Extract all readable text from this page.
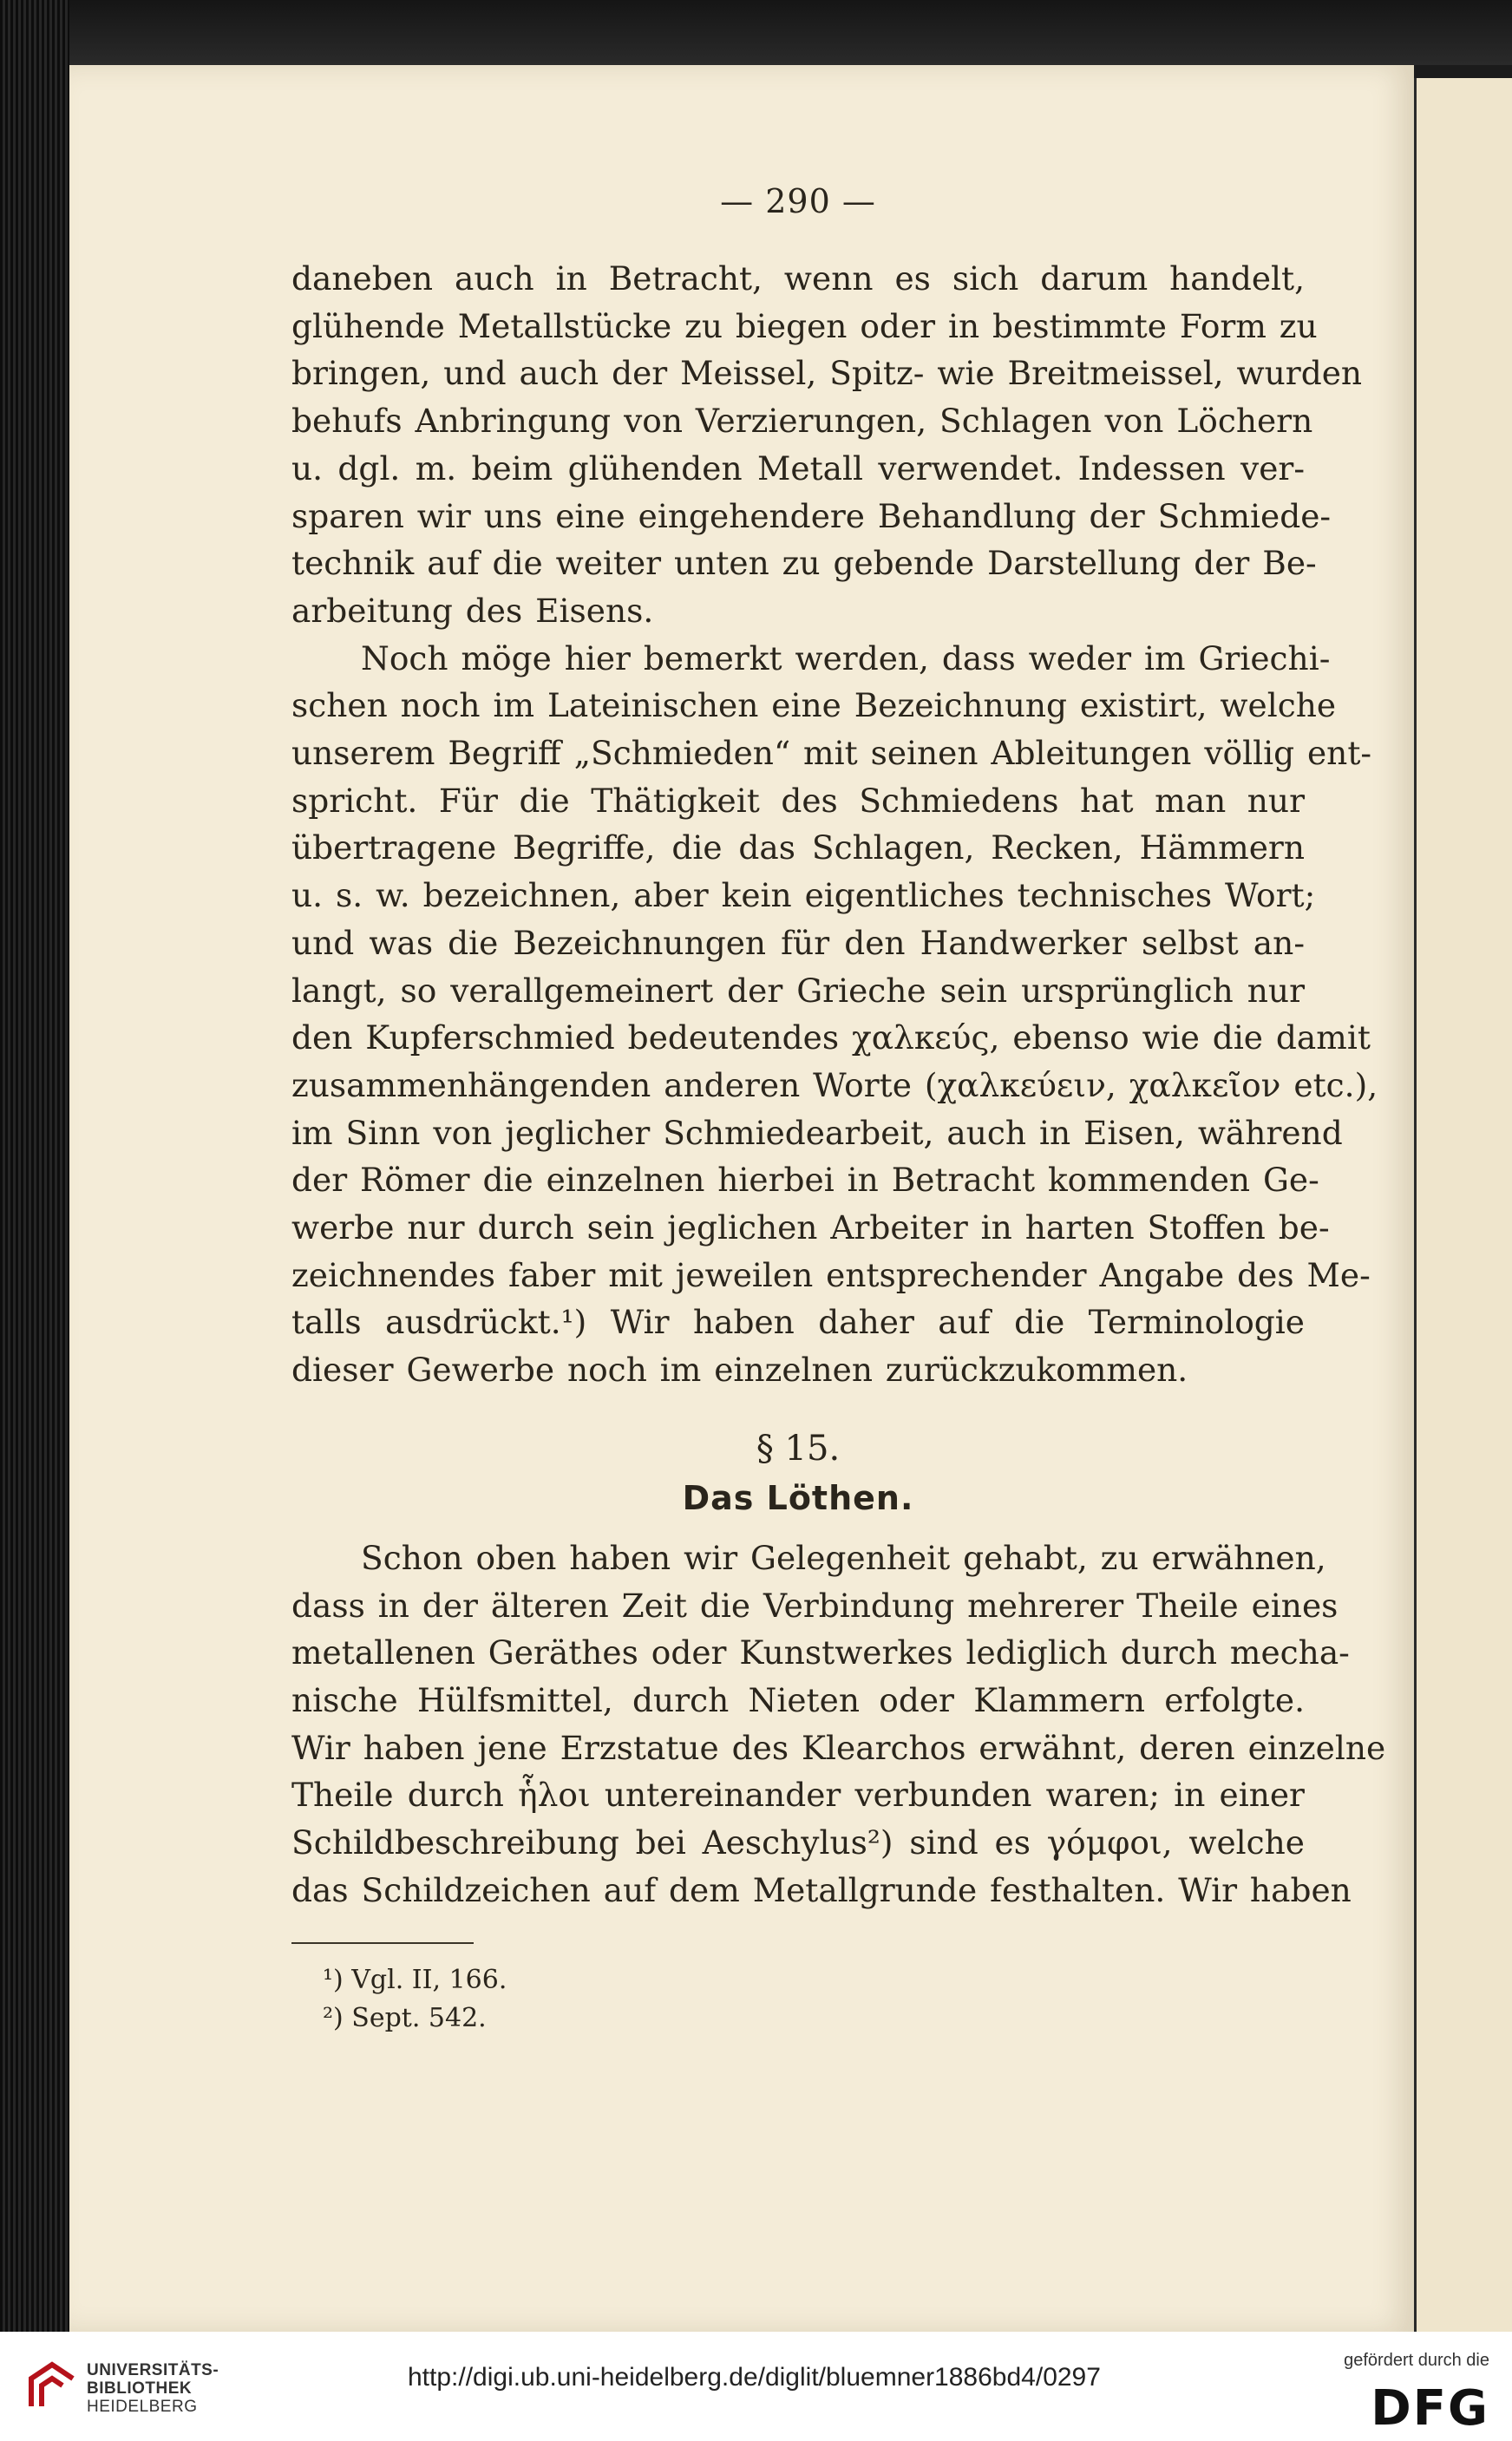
— 290 —

daneben auch in Betracht, wenn es sich darum handelt,
glühende Metallstücke zu biegen oder in bestimmte Form zu
bringen, und auch der Meissel, Spitz- wie Breitmeissel, wurden
behufs Anbringung von Verzierungen, Schlagen von Löchern
u. dgl. m. beim glühenden Metall verwendet. Indessen ver-
sparen wir uns eine eingehendere Behandlung der Schmiede-
technik auf die weiter unten zu gebende Darstellung der Be-
arbeitung des Eisens.

Noch möge hier bemerkt werden, dass weder im Griechi-
schen noch im Lateinischen eine Bezeichnung existirt, welche
unserem Begriff „Schmieden“ mit seinen Ableitungen völlig ent-
spricht. Für die Thätigkeit des Schmiedens hat man nur
übertragene Begriffe, die das Schlagen, Recken, Hämmern
u. s. w. bezeichnen, aber kein eigentliches technisches Wort;
und was die Bezeichnungen für den Handwerker selbst an-
langt, so verallgemeinert der Grieche sein ursprünglich nur
den Kupferschmied bedeutendes χαλκεύς, ebenso wie die damit
zusammenhängenden anderen Worte (χαλκεύειν, χαλκεῖον etc.),
im Sinn von jeglicher Schmiedearbeit, auch in Eisen, während
der Römer die einzelnen hierbei in Betracht kommenden Ge-
werbe nur durch sein jeglichen Arbeiter in harten Stoffen be-
zeichnendes faber mit jeweilen entsprechender Angabe des Me-
talls ausdrückt.¹) Wir haben daher auf die Terminologie
dieser Gewerbe noch im einzelnen zurückzukommen.

§ 15.
Das Löthen.

Schon oben haben wir Gelegenheit gehabt, zu erwähnen,
dass in der älteren Zeit die Verbindung mehrerer Theile eines
metallenen Geräthes oder Kunstwerkes lediglich durch mecha-
nische Hülfsmittel, durch Nieten oder Klammern erfolgte.
Wir haben jene Erzstatue des Klearchos erwähnt, deren einzelne
Theile durch ἧλοι untereinander verbunden waren; in einer
Schildbeschreibung bei Aeschylus²) sind es γόμφοι, welche
das Schildzeichen auf dem Metallgrunde festhalten. Wir haben

¹) Vgl. II, 166.
²) Sept. 542.
UNIVERSITÄTS-
BIBLIOTHEK
HEIDELBERG
http://digi.ub.uni-heidelberg.de/diglit/bluemner1886bd4/0297
gefördert durch die
DFG
